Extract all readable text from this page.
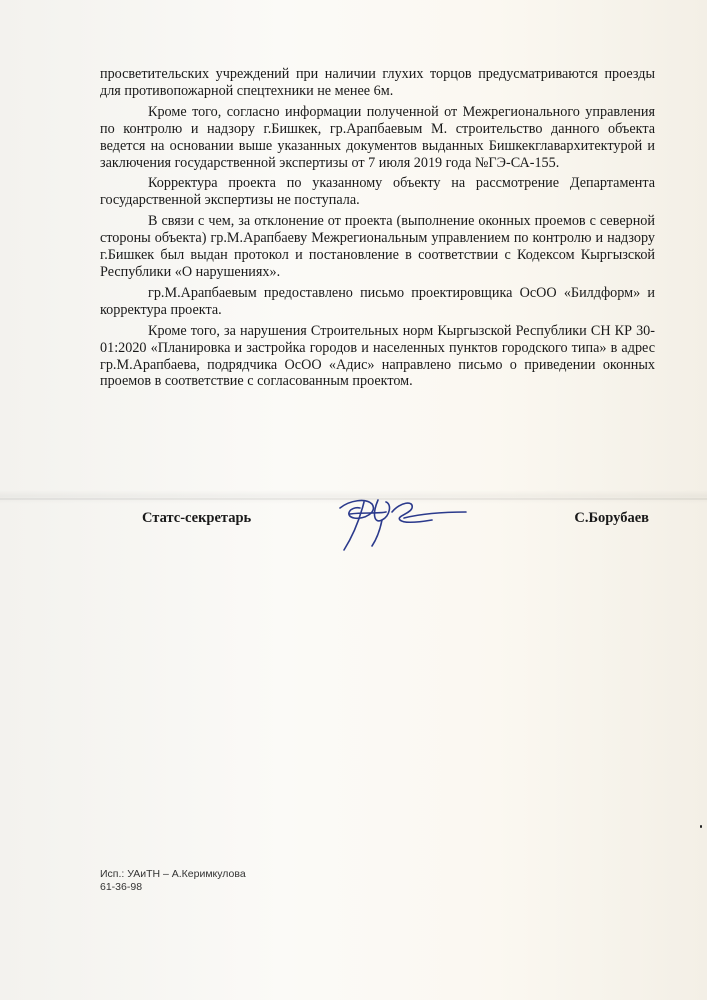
просветительских учреждений при наличии глухих торцов предусматриваются проезды для противопожарной спецтехники не менее 6м.

Кроме того, согласно информации полученной от Межрегионального управления по контролю и надзору г.Бишкек, гр.Арапбаевым М. строительство данного объекта ведется на основании выше указанных документов выданных Бишкекглавархитектурой и заключения государственной экспертизы от 7 июля 2019 года №ГЭ-СА-155.

Корректура проекта по указанному объекту на рассмотрение Департамента государственной экспертизы не поступала.

В связи с чем, за отклонение от проекта (выполнение оконных проемов с северной стороны объекта) гр.М.Арапбаеву Межрегиональным управлением по контролю и надзору г.Бишкек был выдан протокол и постановление в соответствии с Кодексом Кыргызской Республики «О нарушениях».

гр.М.Арапбаевым предоставлено письмо проектировщика ОсОО «Билдформ» и корректура проекта.

Кроме того, за нарушения Строительных норм Кыргызской Республики СН КР 30-01:2020 «Планировка и застройка городов и населенных пунктов городского типа» в адрес гр.М.Арапбаева, подрядчика ОсОО «Адис» направлено письмо о приведении оконных проемов в соответствие с согласованным проектом.

Статс-секретарь	С.Борубаев
Исп.: УАиТН – А.Керимкулова
61-36-98
